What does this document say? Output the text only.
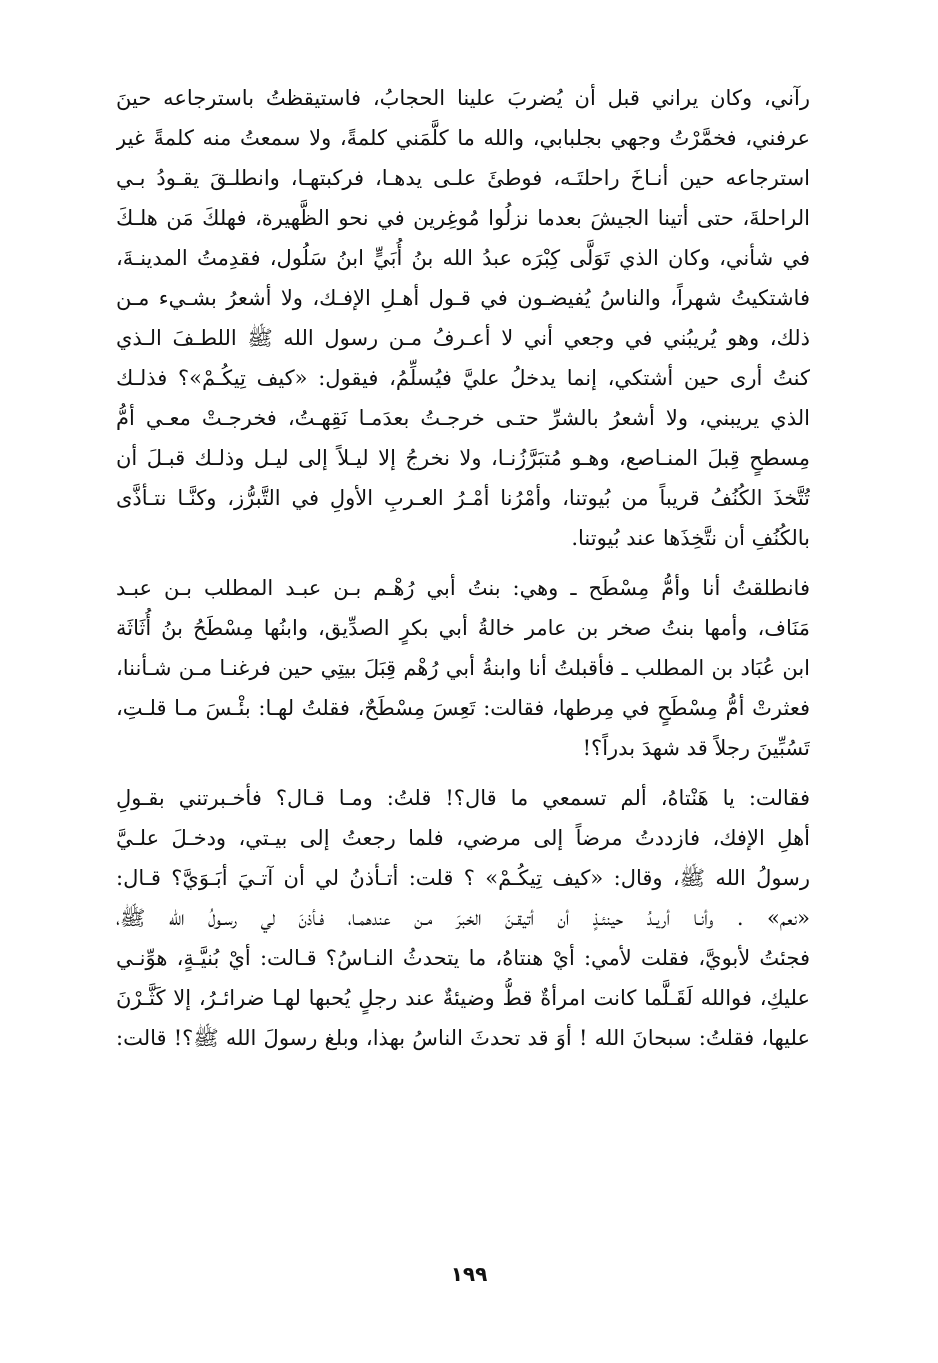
رآني، وكان يراني قبل أن يُضربَ علينا الحجابُ، فاستيقظتُ باسترجاعه حينَ
عرفني، فخمَّرْتُ وجهي بجلبابي، والله ما كلَّمَني كلمةً، ولا سمعتُ منه كلمةً غير
استرجاعه حين أنـاخَ راحلتَـه، فوطئَ علـى يدهـا، فركبتهـا، وانطلـقَ يقـودُ بـي
الراحلةَ، حتى أتينا الجيشَ بعدما نزلُوا مُوغِرين في نحو الظَّهيرة، فهلكَ مَن هلـكَ
في شأني، وكان الذي تَوَلَّى كِبْرَه عبدُ الله بنُ أُبَيٍّ ابنُ سَلُول، فقدِمتُ المدينـةَ،
فاشتكيتُ شهراً، والناسُ يُفيضـون في قـول أهـلِ الإفـك، ولا أشعرُ بشـيء مـن
ذلك، وهو يُريبُني في وجعي أني لا أعـرفُ مـن رسول الله ﷺ اللطـفَ الـذي
كنتُ أرى حين أشتكي، إنما يدخلُ عليَّ فيُسلِّمُ، فيقول: «كيف تِيكُـمْ»؟ فذلـك
الذي يريبني، ولا أشعرُ بالشرِّ حتـى خرجـتُ بعدَمـا نَقِهـتُ، فخرجـتْ معـي أمُّ
مِسطحٍ قِبلَ المنـاصع، وهـو مُتبَرَّزُنـا، ولا نخرجُ إلا ليـلاً إلى ليـل وذلـك قبـلَ أن
تُتَّخذَ الكُنُفُ قريباً من بُيوتنا، وأمْرُنا أمْـرُ العـربِ الأولِ في التَّبرُّز، وكنَّـا نتـأذَّى
بالكُنُفِ أن نتَّخِذَها عند بُيوتنا.
فانطلقتُ أنا وأمُّ مِسْطَح ـ وهي: بنتُ أبي رُهْـم بـن عبـد المطلب بـن عبـد
مَنَاف، وأمها بنتُ صخر بن عامر خالةُ أبي بكرٍ الصدِّيق، وابنُها مِسْطَحُ بنُ أُثَاثَة
ابن عُبَاد بن المطلب ـ فأقبلتُ أنا وابنةُ أبي رُهْم قِبَلَ بيتِي حين فرغنـا مـن شـأننا،
فعثرتْ أمُّ مِسْطَحٍ في مِرطها، فقالت: تَعِسَ مِسْطَحٌ، فقلتُ لهـا: بئْـسَ مـا قلـتِ،
تَسُبِّينَ رجلاً قد شهدَ بدراً؟!
فقالت: يا هَنْتاهُ، ألم تسمعي ما قال؟! قلتُ: ومـا قـال؟ فأخـبرتني بقـولِ
أهلِ الإفك، فازددتُ مرضاً إلى مرضي، فلما رجعتُ إلى بيـتي، ودخـلَ علـيَّ
رسولُ الله ﷺ، وقال: «كيف تِيكُـمْ» ؟ قلت: أتـأذنُ لي أن آتـيَ أبَـوَيَّ؟ قـال:
«نعم» . وأنـا أريـدُ حينئـذٍ أن أتيقـنَ الخبرَ مـن عندهمـا، فـأذنَ لي رسـولُ الله ﷺ،
فجئتُ لأبويَّ، فقلت لأمي: أيْ هنتاهُ، ما يتحدثُ النـاسُ؟ قـالت: أيْ بُنيَّـةٍ، هوِّنـي
عليكِ، فوالله لَقَـلَّما كانت امرأةٌ قطُّ وضيئةٌ عند رجلٍ يُحبها لهـا ضرائـرُ، إلا كَثَّـرْنَ
عليها، فقلتُ: سبحانَ الله ! أوَ قد تحدثَ الناسُ بهذا، وبلغ رسولَ الله ﷺ؟! قالت:
١٩٩
